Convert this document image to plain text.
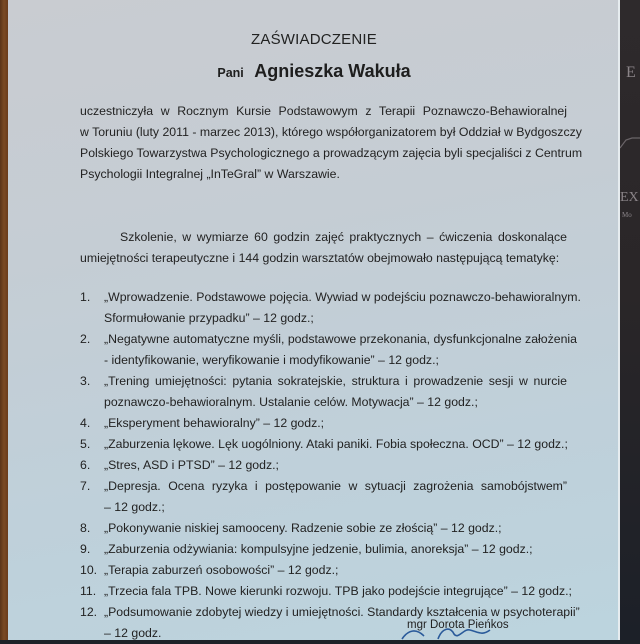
E
EX
Mo
ZAŚWIADCZENIE
Pani Agnieszka Wakuła
uczestniczyła w Rocznym Kursie Podstawowym z Terapii Poznawczo-Behawioralnej
w Toruniu (luty 2011 - marzec 2013), którego współorganizatorem był Oddział w Bydgoszczy
Polskiego Towarzystwa Psychologicznego a prowadzącym zajęcia byli specjaliści z Centrum
Psychologii Integralnej „InTeGral” w Warszawie.
Szkolenie, w wymiarze 60 godzin zajęć praktycznych – ćwiczenia doskonalące
umiejętności terapeutyczne i 144 godzin warsztatów obejmowało następującą tematykę:
1. „Wprowadzenie. Podstawowe pojęcia. Wywiad w podejściu poznawczo-behawioralnym.
Sformułowanie przypadku” – 12 godz.;
2. „Negatywne automatyczne myśli, podstawowe przekonania, dysfunkcjonalne założenia
- identyfikowanie, weryfikowanie i modyfikowanie” – 12 godz.;
3. „Trening umiejętności: pytania sokratejskie, struktura i prowadzenie sesji w nurcie
poznawczo-behawioralnym. Ustalanie celów. Motywacja” – 12 godz.;
4. „Eksperyment behawioralny” – 12 godz.;
5. „Zaburzenia lękowe. Lęk uogólniony. Ataki paniki. Fobia społeczna. OCD” – 12 godz.;
6. „Stres, ASD i PTSD” – 12 godz.;
7. „Depresja. Ocena ryzyka i postępowanie w sytuacji zagrożenia samobójstwem”
– 12 godz.;
8. „Pokonywanie niskiej samooceny. Radzenie sobie ze złością” – 12 godz.;
9. „Zaburzenia odżywiania: kompulsyjne jedzenie, bulimia, anoreksja” – 12 godz.;
10. „Terapia zaburzeń osobowości” – 12 godz.;
11. „Trzecia fala TPB. Nowe kierunki rozwoju. TPB jako podejście integrujące” – 12 godz.;
12. „Podsumowanie zdobytej wiedzy i umiejętności. Standardy kształcenia w psychoterapii”
– 12 godz.
mgr Dorota Pieńkos
